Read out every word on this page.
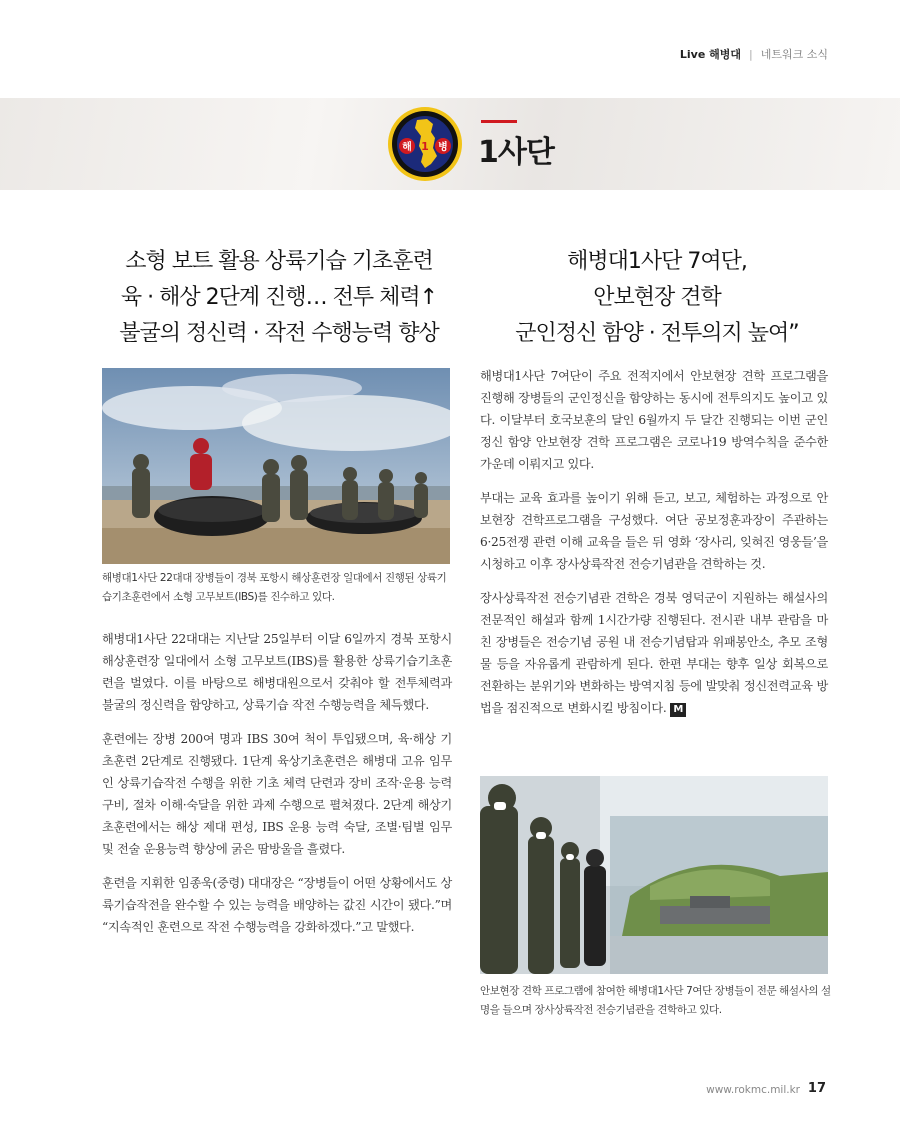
Live 해병대 | 네트워크 소식
해 1 병 1사단
소형 보트 활용 상륙기습 기초훈련
육 · 해상 2단계 진행… 전투 체력↑
불굴의 정신력 · 작전 수행능력 향상
해병대1사단 7여단,
안보현장 견학
군인정신 함양 · 전투의지 높여”
해병대1사단 22대대 장병들이 경북 포항시 해상훈련장 일대에서 진행된 상륙기습기초훈련에서 소형 고무보트(IBS)를 진수하고 있다.

해병대1사단 22대대는 지난달 25일부터 이달 6일까지 경북 포항시 해상훈련장 일대에서 소형 고무보트(IBS)를 활용한 상륙기습기초훈련을 벌였다. 이를 바탕으로 해병대원으로서 갖춰야 할 전투체력과 불굴의 정신력을 함양하고, 상륙기습 작전 수행능력을 체득했다.

훈련에는 장병 200여 명과 IBS 30여 척이 투입됐으며, 육·해상 기초훈련 2단계로 진행됐다. 1단계 육상기초훈련은 해병대 고유 임무인 상륙기습작전 수행을 위한 기초 체력 단련과 장비 조작·운용 능력 구비, 절차 이해·숙달을 위한 과제 수행으로 펼쳐졌다. 2단계 해상기초훈련에서는 해상 제대 편성, IBS 운용 능력 숙달, 조별·팀별 임무 및 전술 운용능력 향상에 굵은 땀방울을 흘렸다.

훈련을 지휘한 임종욱(중령) 대대장은 “장병들이 어떤 상황에서도 상륙기습작전을 완수할 수 있는 능력을 배양하는 값진 시간이 됐다.”며 “지속적인 훈련으로 작전 수행능력을 강화하겠다.”고 말했다.

해병대1사단 7여단이 주요 전적지에서 안보현장 견학 프로그램을 진행해 장병들의 군인정신을 함양하는 동시에 전투의지도 높이고 있다. 이달부터 호국보훈의 달인 6월까지 두 달간 진행되는 이번 군인정신 함양 안보현장 견학 프로그램은 코로나19 방역수칙을 준수한 가운데 이뤄지고 있다.

부대는 교육 효과를 높이기 위해 듣고, 보고, 체험하는 과정으로 안보현장 견학프로그램을 구성했다. 여단 공보정훈과장이 주관하는 6·25전쟁 관련 이해 교육을 들은 뒤 영화 ‘장사리, 잊혀진 영웅들’을 시청하고 이후 장사상륙작전 전승기념관을 견학하는 것.

장사상륙작전 전승기념관 견학은 경북 영덕군이 지원하는 해설사의 전문적인 해설과 함께 1시간가량 진행된다. 전시관 내부 관람을 마친 장병들은 전승기념 공원 내 전승기념탑과 위패봉안소, 추모 조형물 등을 자유롭게 관람하게 된다. 한편 부대는 향후 일상 회복으로 전환하는 분위기와 변화하는 방역지침 등에 발맞춰 정신전력교육 방법을 점진적으로 변화시킬 방침이다. M

안보현장 견학 프로그램에 참여한 해병대1사단 7여단 장병들이 전문 해설사의 설명을 들으며 장사상륙작전 전승기념관을 견학하고 있다.
www.rokmc.mil.kr 17
